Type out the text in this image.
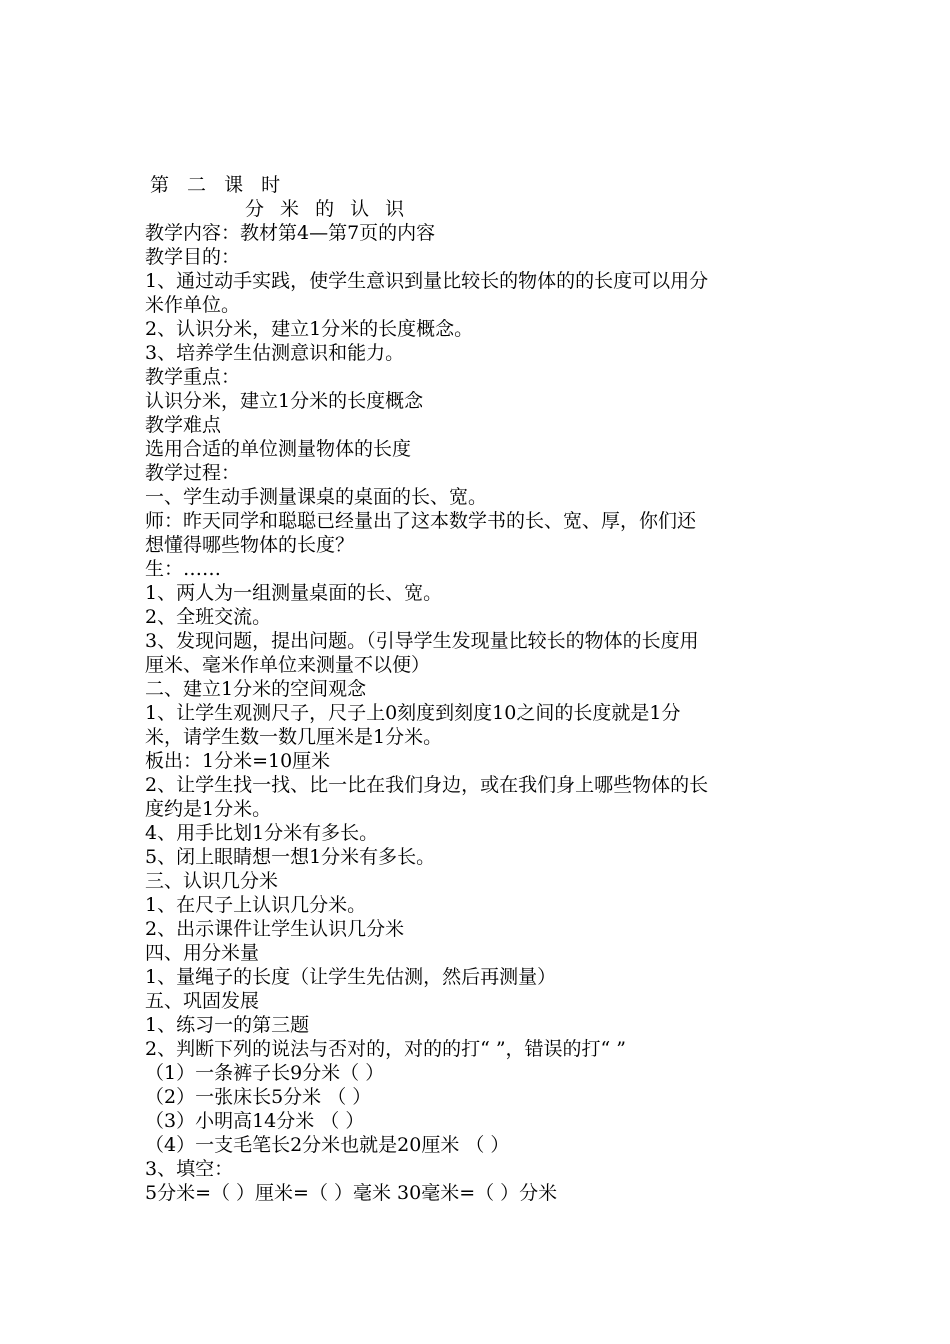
第 二 课 时
分 米 的 认 识
教学内容：教材第4—第7页的内容
教学目的：
1、通过动手实践，使学生意识到量比较长的物体的的长度可以用分
米作单位。
2、认识分米，建立1分米的长度概念。
3、培养学生估测意识和能力。
教学重点：
认识分米，建立1分米的长度概念
教学难点
选用合适的单位测量物体的长度
教学过程：
一、学生动手测量课桌的桌面的长、宽。
师：昨天同学和聪聪已经量出了这本数学书的长、宽、厚，你们还
想懂得哪些物体的长度？
生：……
1、两人为一组测量桌面的长、宽。
2、全班交流。
3、发现问题，提出问题。（引导学生发现量比较长的物体的长度用
厘米、毫米作单位来测量不以便）
二、建立1分米的空间观念
1、让学生观测尺子，尺子上0刻度到刻度10之间的长度就是1分
米，请学生数一数几厘米是1分米。
板出：1分米=10厘米
2、让学生找一找、比一比在我们身边，或在我们身上哪些物体的长
度约是1分米。
4、用手比划1分米有多长。
5、闭上眼睛想一想1分米有多长。
三、认识几分米
1、在尺子上认识几分米。
2、出示课件让学生认识几分米
四、用分米量
1、量绳子的长度（让学生先估测，然后再测量）
五、巩固发展
1、练习一的第三题
2、判断下列的说法与否对的，对的的打“ ”，错误的打“ ”
（1）一条裤子长9分米（ ）
（2）一张床长5分米 （ ）
（3）小明高14分米 （ ）
（4）一支毛笔长2分米也就是20厘米 （ ）
3、填空：
5分米=（ ）厘米=（ ）毫米 30毫米=（ ）分米
